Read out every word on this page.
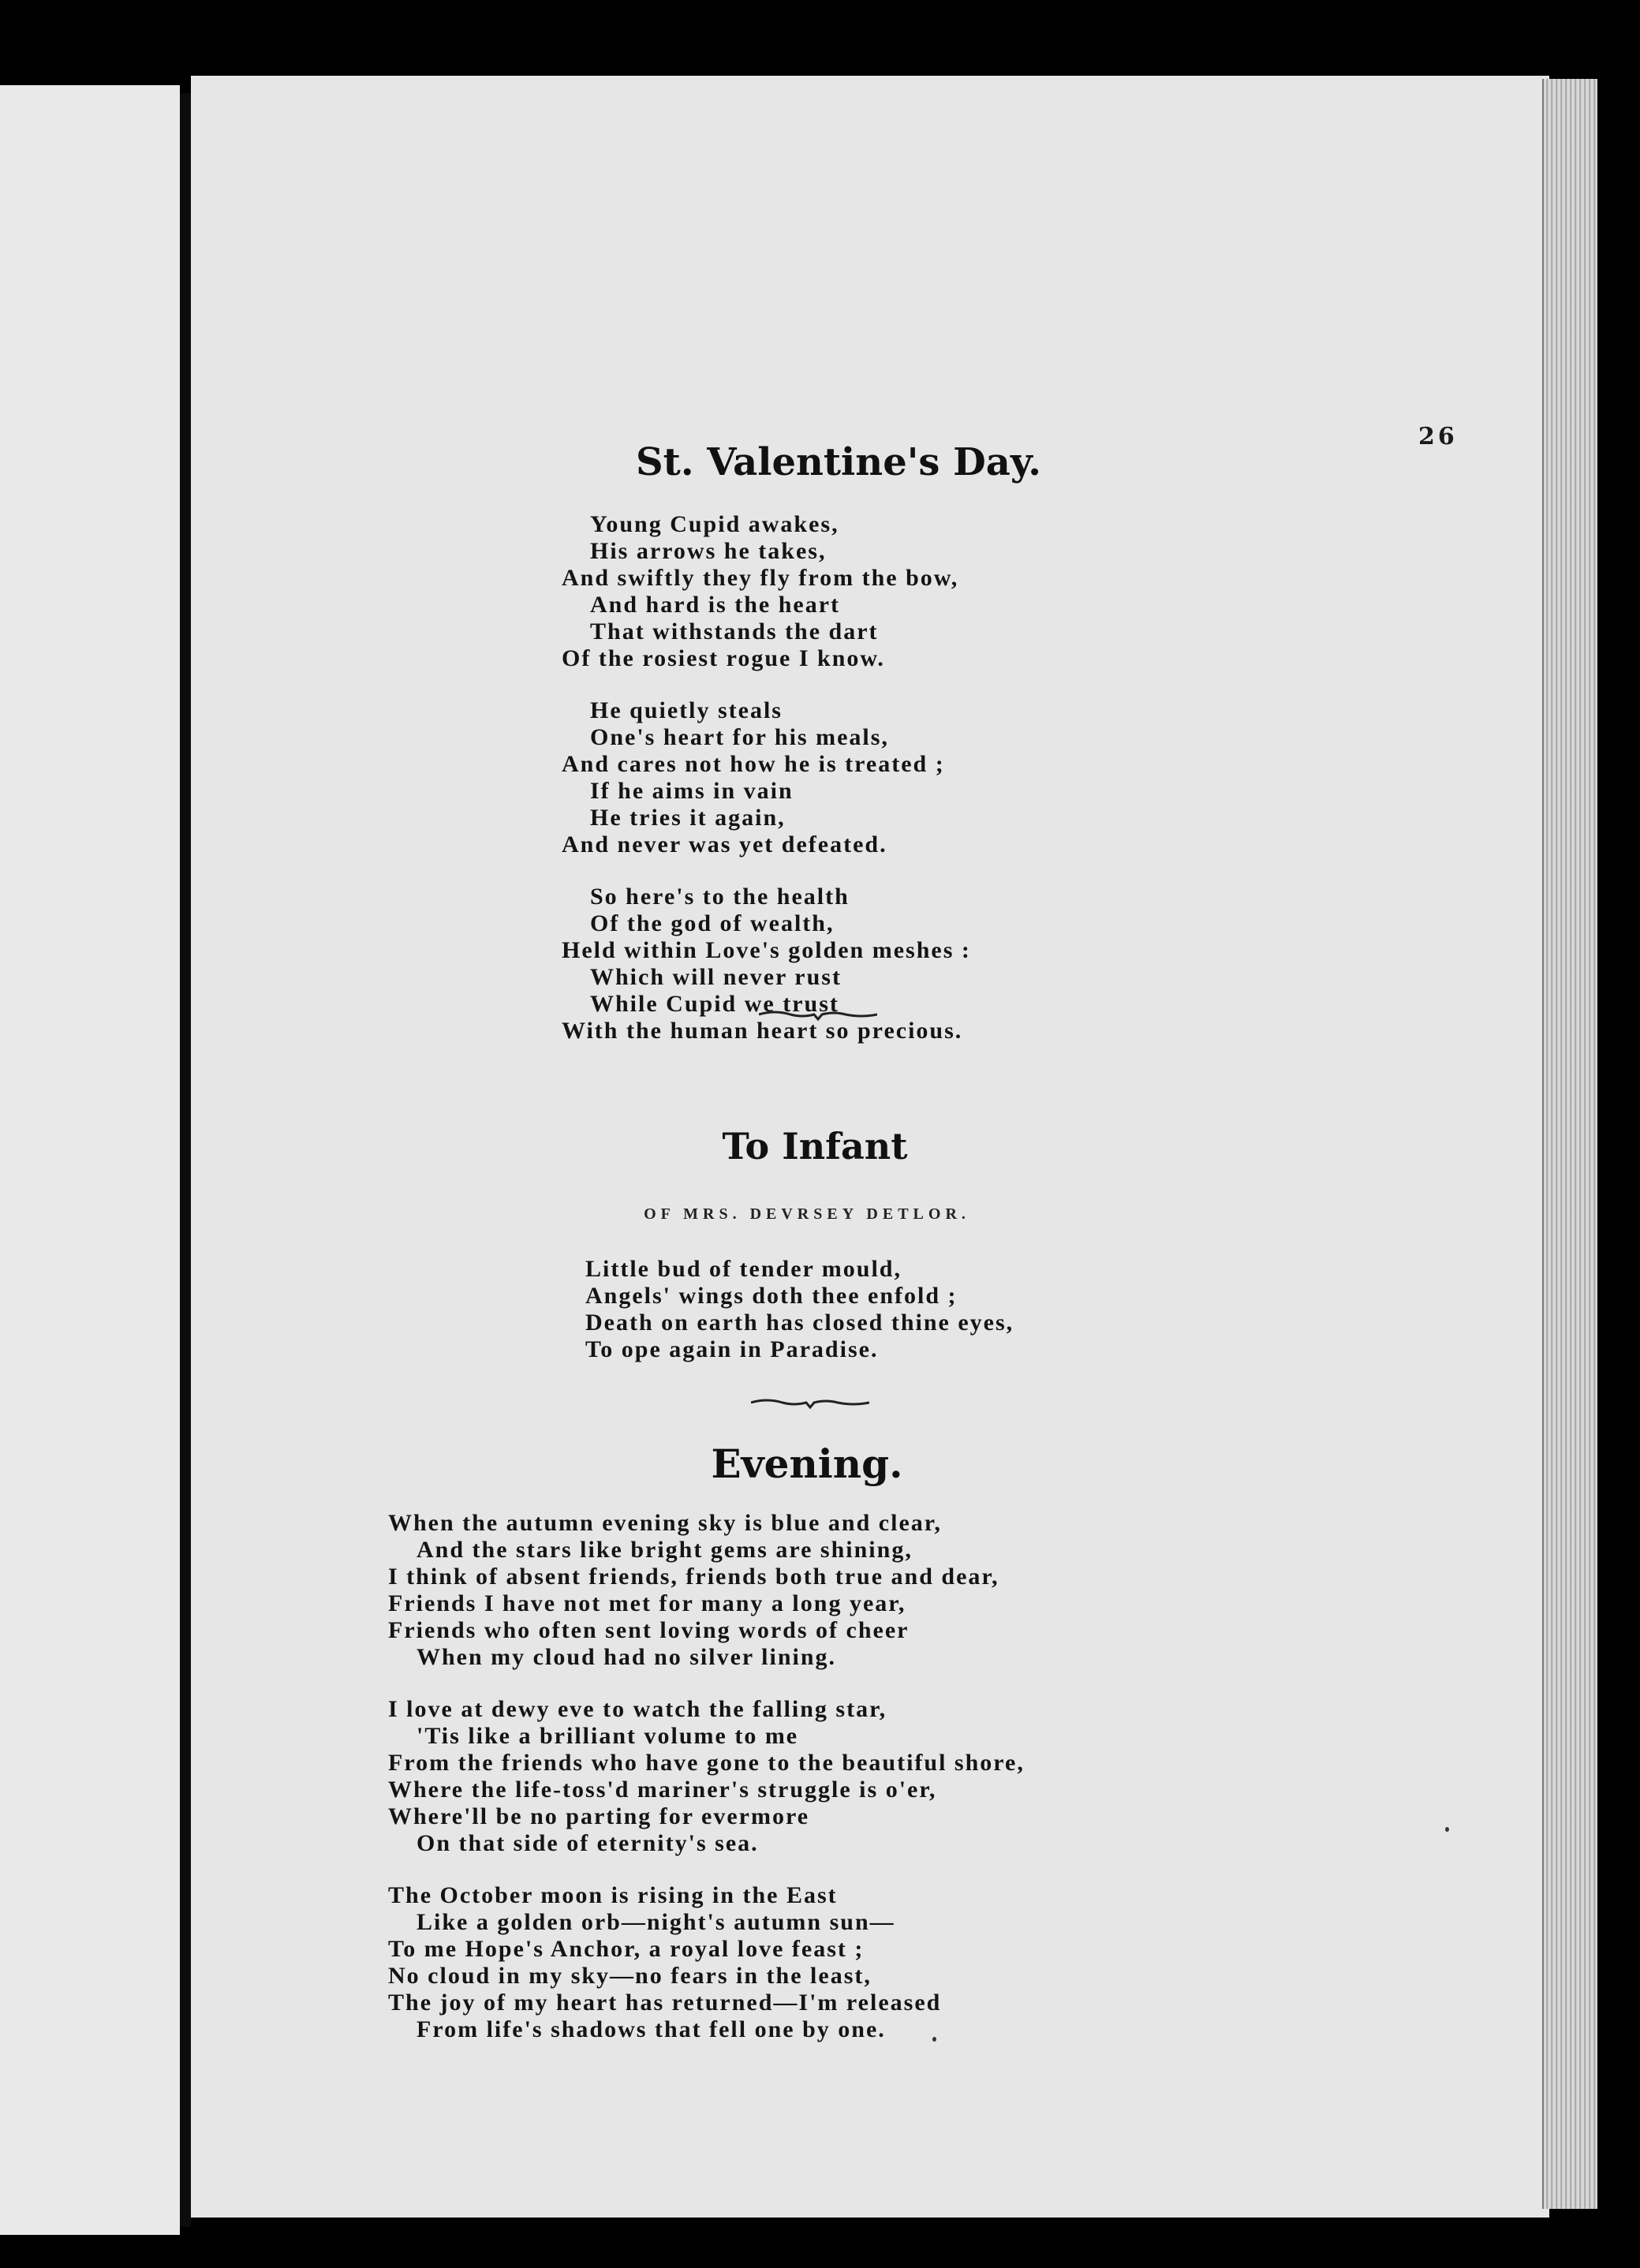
26
St. Valentine's Day.
Young Cupid awakes,
His arrows he takes,
And swiftly they fly from the bow,
And hard is the heart
That withstands the dart
Of the rosiest rogue I know.
He quietly steals
One's heart for his meals,
And cares not how he is treated ;
If he aims in vain
He tries it again,
And never was yet defeated.
So here's to the health
Of the god of wealth,
Held within Love's golden meshes :
Which will never rust
While Cupid we trust
With the human heart so precious.
To Infant
OF MRS. DEVRSEY DETLOR.
Little bud of tender mould,
Angels' wings doth thee enfold ;
Death on earth has closed thine eyes,
To ope again in Paradise.
Evening.
When the autumn evening sky is blue and clear,
And the stars like bright gems are shining,
I think of absent friends, friends both true and dear,
Friends I have not met for many a long year,
Friends who often sent loving words of cheer
When my cloud had no silver lining.
I love at dewy eve to watch the falling star,
'Tis like a brilliant volume to me
From the friends who have gone to the beautiful shore,
Where the life-toss'd mariner's struggle is o'er,
Where'll be no parting for evermore
On that side of eternity's sea.
The October moon is rising in the East
Like a golden orb—night's autumn sun—
To me Hope's Anchor, a royal love feast ;
No cloud in my sky—no fears in the least,
The joy of my heart has returned—I'm released
From life's shadows that fell one by one.
